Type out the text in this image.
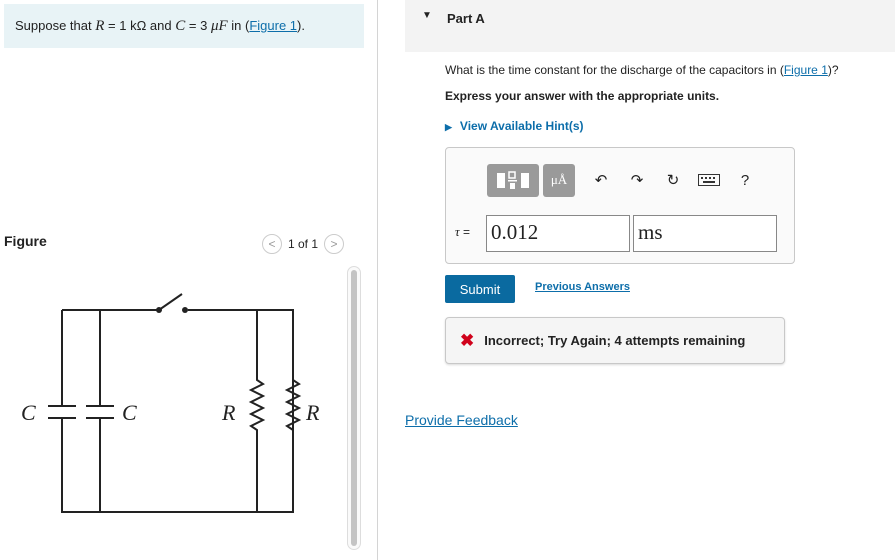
Suppose that R = 1 kΩ and C = 3 μF in (Figure 1).
Figure	<	1 of 1	>
C	C	R	R
▼ Part A
What is the time constant for the discharge of the capacitors in (Figure 1)?
Express your answer with the appropriate units.
▶ View Available Hint(s)
μÅ	↶	↷	↻	?
τ = 0.012	ms
Submit	Previous Answers
✖ Incorrect; Try Again; 4 attempts remaining
Provide Feedback
